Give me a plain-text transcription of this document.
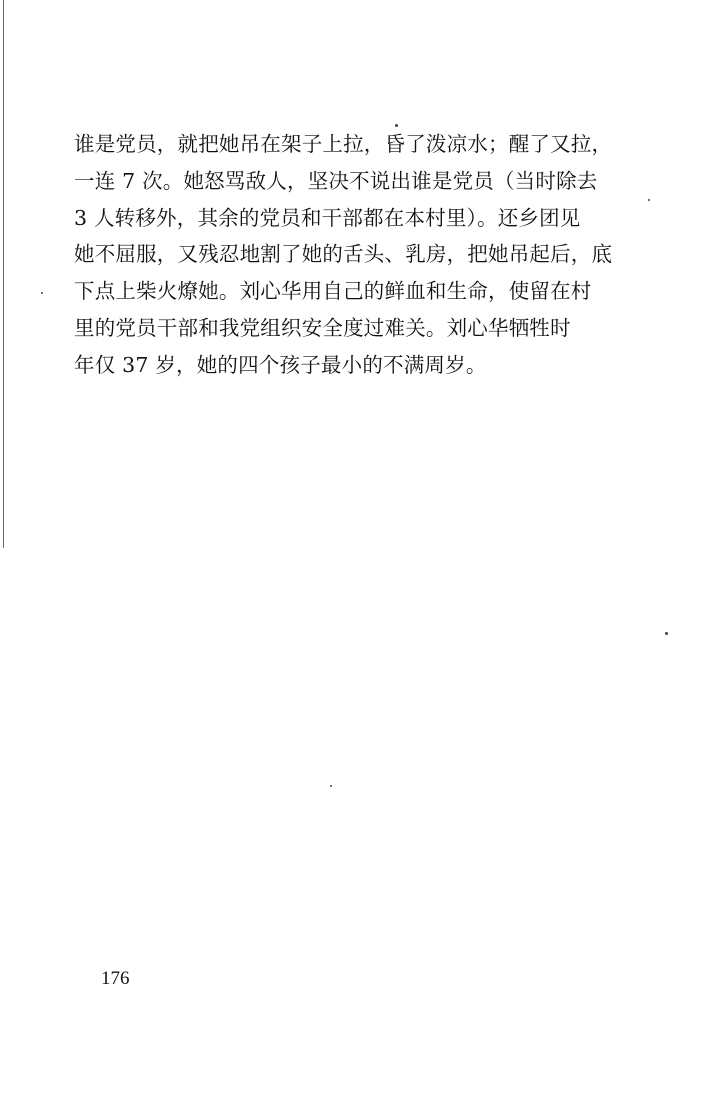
谁是党员，就把她吊在架子上拉，昏了泼凉水；醒了又拉，
一连 7 次。她怒骂敌人，坚决不说出谁是党员（当时除去
3 人转移外，其余的党员和干部都在本村里）。还乡团见
她不屈服，又残忍地割了她的舌头、乳房，把她吊起后，底
下点上柴火燎她。刘心华用自己的鲜血和生命，使留在村
里的党员干部和我党组织安全度过难关。刘心华牺牲时
年仅 37 岁，她的四个孩子最小的不满周岁。
176
